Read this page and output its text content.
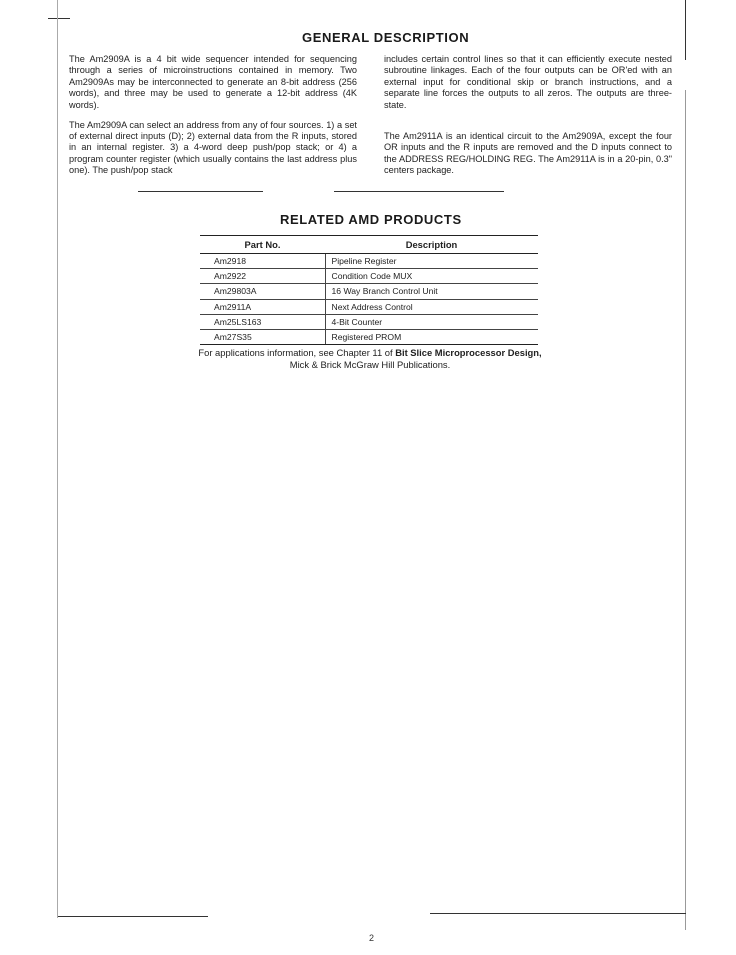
GENERAL DESCRIPTION

The Am2909A is a 4 bit wide sequencer intended for sequencing through a series of microinstructions contained in memory. Two Am2909As may be interconnected to generate an 8-bit address (256 words), and three may be used to generate a 12-bit address (4K words).

The Am2909A can select an address from any of four sources. 1) a set of external direct inputs (D); 2) external data from the R inputs, stored in an internal register. 3) a 4-word deep push/pop stack; or 4) a program counter register (which usually contains the last address plus one). The push/pop stack

includes certain control lines so that it can efficiently execute nested subroutine linkages. Each of the four outputs can be OR'ed with an external input for conditional skip or branch instructions, and a separate line forces the outputs to all zeros. The outputs are three-state.

The Am2911A is an identical circuit to the Am2909A, except the four OR inputs and the R inputs are removed and the D inputs connect to the ADDRESS REG/HOLDING REG. The Am2911A is in a 20-pin, 0.3" centers package.

RELATED AMD PRODUCTS
Part No.	Description
Am2918	Pipeline Register
Am2922	Condition Code MUX
Am29803A	16 Way Branch Control Unit
Am2911A	Next Address Control
Am25LS163	4-Bit Counter
Am27S35	Registered PROM
For applications information, see Chapter 11 of Bit Slice Microprocessor Design,
Mick & Brick McGraw Hill Publications.
2
